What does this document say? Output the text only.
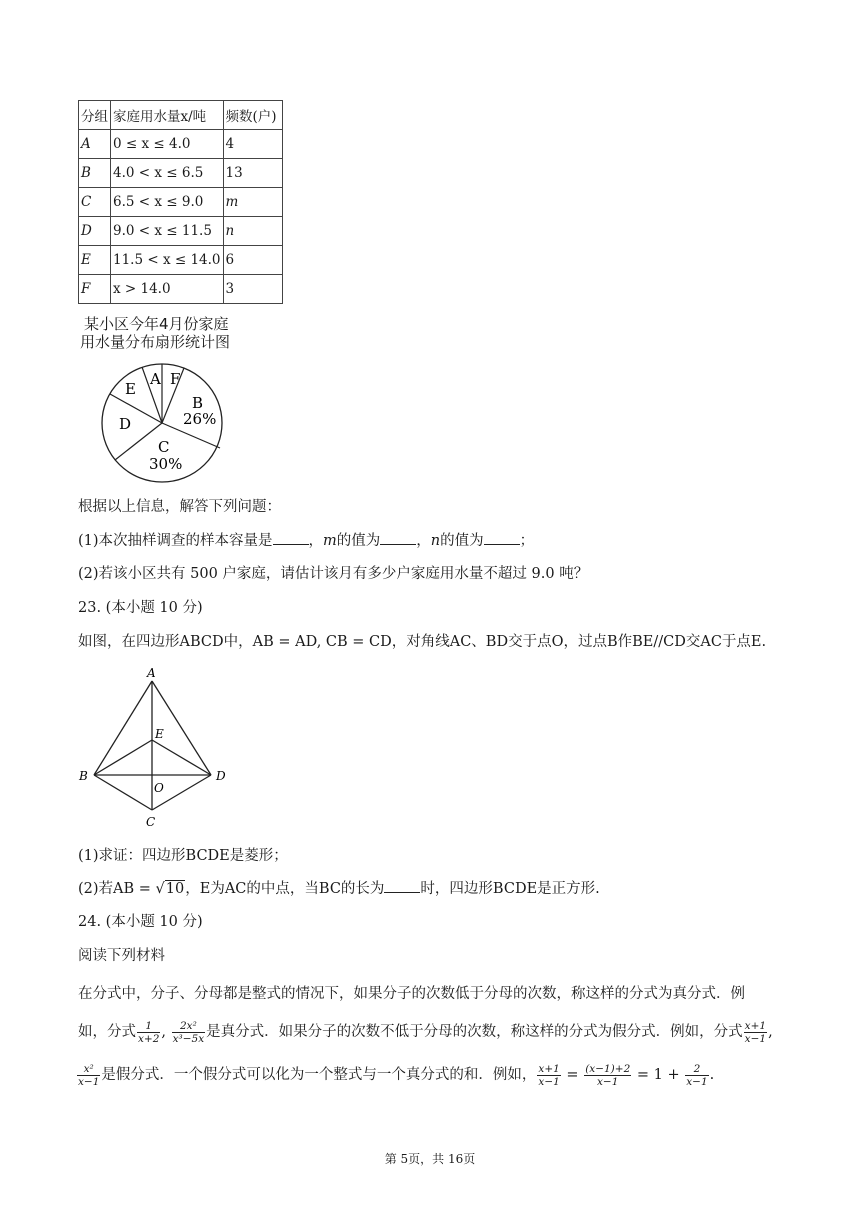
分组	家庭用水量x/吨	频数(户)
A	0 ≤ x ≤ 4.0	4
B	4.0 < x ≤ 6.5	13
C	6.5 < x ≤ 9.0	m
D	9.0 < x ≤ 11.5	n
E	11.5 < x ≤ 14.0	6
F	x > 14.0	3
某小区今年4月份家庭
用水量分布扇形统计图
A F
E
B
26%
D
C
30%
根据以上信息，解答下列问题：
(1)本次抽样调查的样本容量是 ，m的值为 ，n的值为 ；
(2)若该小区共有 500 户家庭，请估计该月有多少户家庭用水量不超过 9.0 吨？
23. (本小题 10 分)
如图，在四边形ABCD中，AB = AD, CB = CD，对角线AC、BD交于点O，过点B作BE//CD交AC于点E.
A
B	D
E
O
C
(1)求证：四边形BCDE是菱形；
(2)若AB = √10，E为AC的中点，当BC的长为 时，四边形BCDE是正方形.
24. (本小题 10 分)
阅读下列材料
在分式中，分子、分母都是整式的情况下，如果分子的次数低于分母的次数，称这样的分式为真分式．例
如，分式 $\frac{1}{x+2}$ , $\frac{\text{2x²}}{\text{x³−5x}}$ 是真分式．如果分子的次数不低于分母的次数，称这样的分式为假分式．例如，分式 $\frac{x+1}{x-1}$ ,
$\frac{\text{x²}}{x-1}$ 是假分式．一个假分式可以化为一个整式与一个真分式的和．例如， $\frac{x+1}{x-1} = \frac{(x-1)+2}{x-1} = 1 + \frac{2}{x-1}$ .
第 5页，共 16页
